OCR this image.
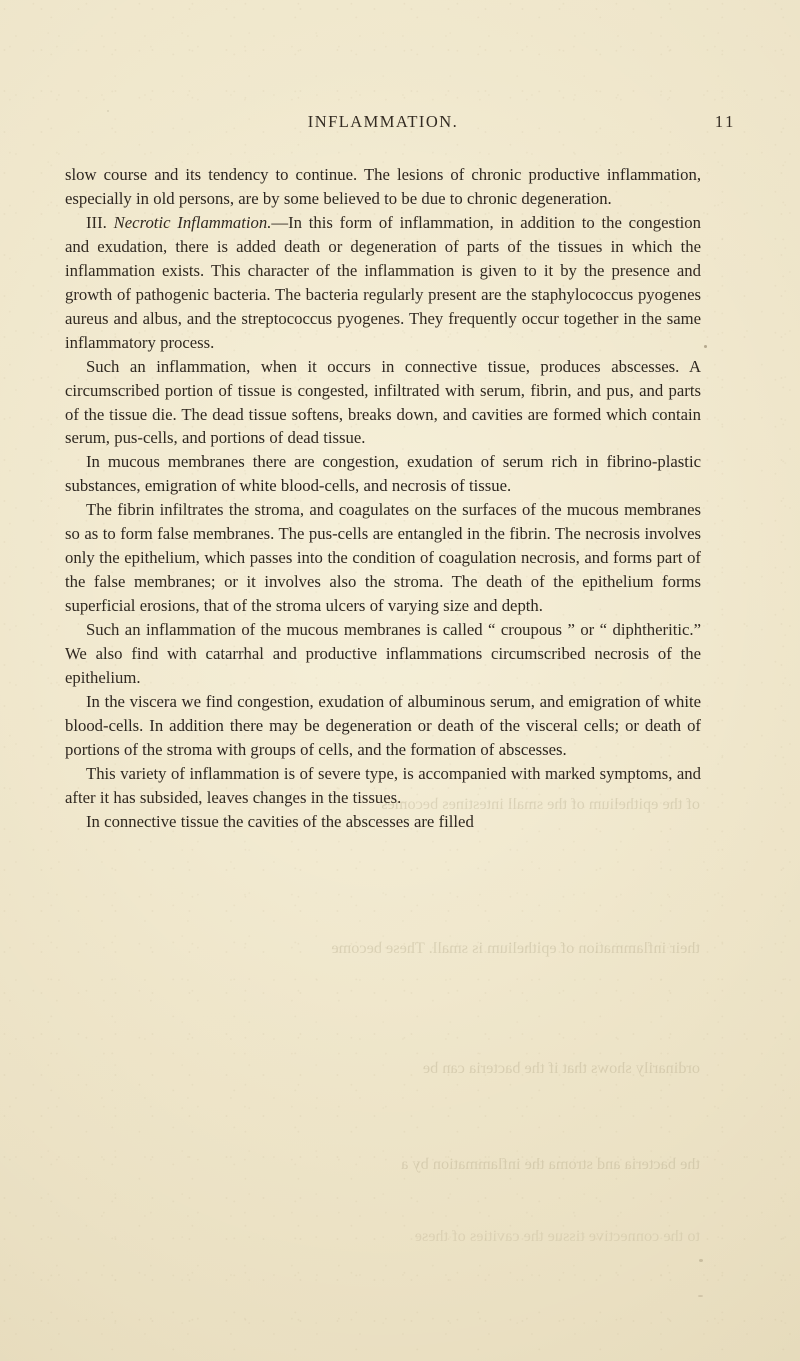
INFLAMMATION.	11

slow course and its tendency to continue. The lesions of chronic productive inflammation, especially in old persons, are by some believed to be due to chronic degeneration.

III. Necrotic Inflammation.—In this form of inflammation, in addition to the congestion and exudation, there is added death or degeneration of parts of the tissues in which the inflammation exists. This character of the inflammation is given to it by the presence and growth of pathogenic bacteria. The bacteria regularly present are the staphylococcus pyogenes aureus and albus, and the streptococcus pyogenes. They frequently occur together in the same inflammatory process.

Such an inflammation, when it occurs in connective tissue, produces abscesses. A circumscribed portion of tissue is congested, infiltrated with serum, fibrin, and pus, and parts of the tissue die. The dead tissue softens, breaks down, and cavities are formed which contain serum, pus-cells, and portions of dead tissue.

In mucous membranes there are congestion, exudation of serum rich in fibrino-plastic substances, emigration of white blood-cells, and necrosis of tissue.

The fibrin infiltrates the stroma, and coagulates on the surfaces of the mucous membranes so as to form false membranes. The pus-cells are entangled in the fibrin. The necrosis involves only the epithelium, which passes into the condition of coagulation necrosis, and forms part of the false membranes; or it involves also the stroma. The death of the epithelium forms superficial erosions, that of the stroma ulcers of varying size and depth.

Such an inflammation of the mucous membranes is called “ croupous ” or “ diphtheritic.” We also find with catarrhal and productive inflammations circumscribed necrosis of the epithelium.

In the viscera we find congestion, exudation of albuminous serum, and emigration of white blood-cells. In addition there may be degeneration or death of the visceral cells; or death of portions of the stroma with groups of cells, and the formation of abscesses.

This variety of inflammation is of severe type, is accompanied with marked symptoms, and after it has subsided, leaves changes in the tissues.

In connective tissue the cavities of the abscesses are filled

of the epithelium of the small intestines becomes
their inflammation of epithelium is small. These become
ordinarily shows that if the bacteria can be
the bacteria and stroma the inflammation by a
to the connective tissue the cavities of these
